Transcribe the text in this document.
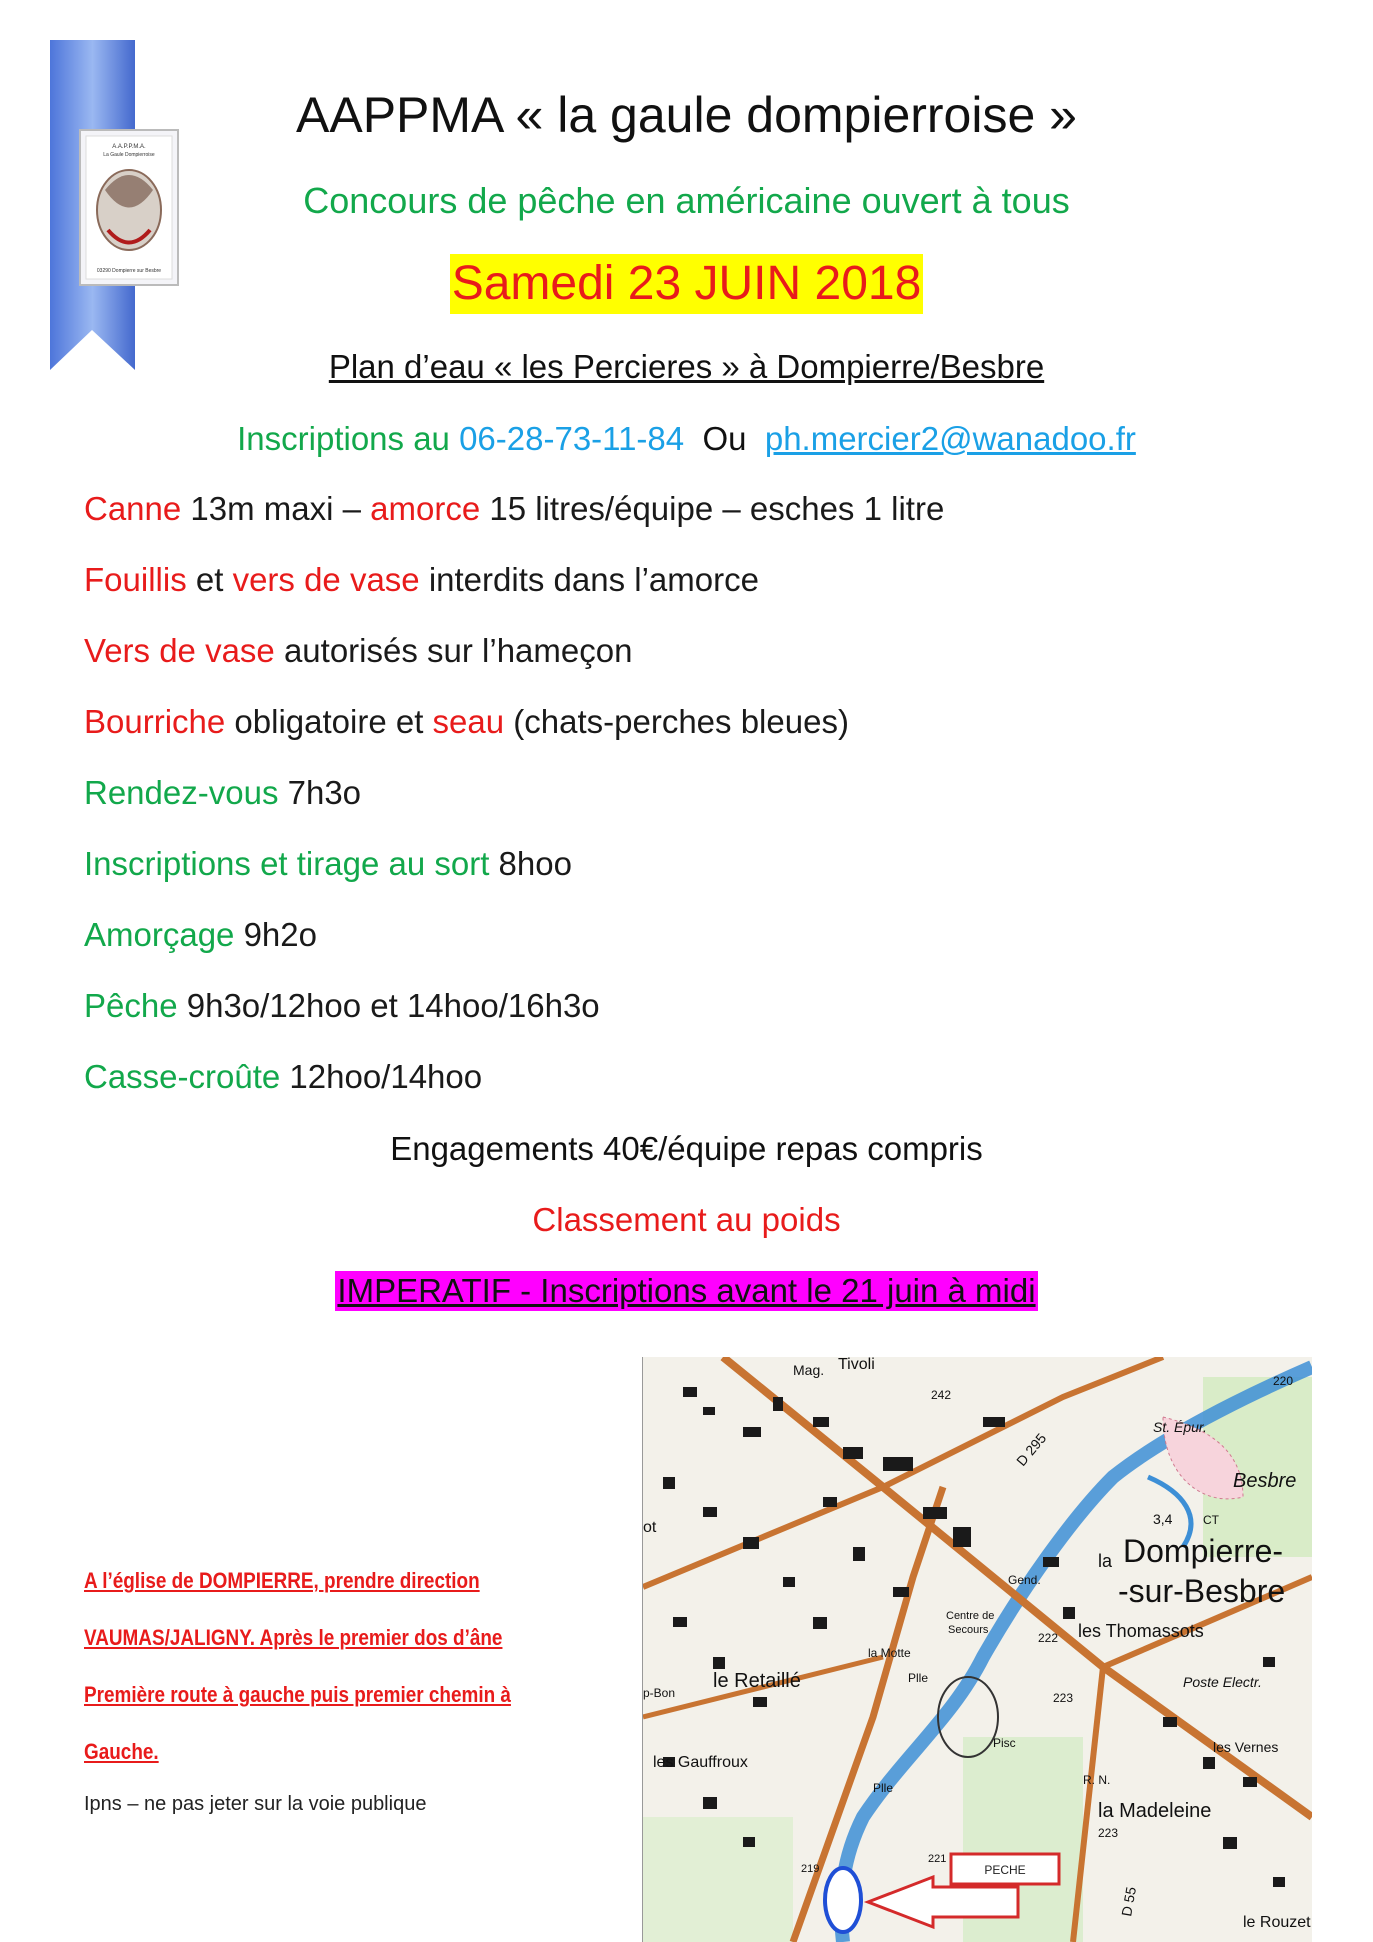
A.A.P.P.M.A.
La Gaule Dompierroise
03290 Dompierre sur Besbre
AAPPMA « la gaule dompierroise »
Concours de pêche en américaine ouvert à tous
Samedi 23 JUIN 2018
Plan d’eau « les Percieres » à Dompierre/Besbre
Inscriptions au 06-28-73-11-84 Ou ph.mercier2@wanadoo.fr
Canne 13m maxi – amorce 15 litres/équipe – esches 1 litre
Fouillis et vers de vase interdits dans l’amorce
Vers de vase autorisés sur l’hameçon
Bourriche obligatoire et seau (chats-perches bleues)
Rendez-vous 7h3o
Inscriptions et tirage au sort 8hoo
Amorçage 9h2o
Pêche 9h3o/12hoo et 14hoo/16h3o
Casse-croûte 12hoo/14hoo
Engagements 40€/équipe repas compris
Classement au poids
IMPERATIF - Inscriptions avant le 21 juin à midi
A l’église de DOMPIERRE, prendre direction
VAUMAS/JALIGNY. Après le premier dos d’âne
Première route à gauche puis premier chemin à
Gauche.
Ipns – ne pas jeter sur la voie publique
PECHE
Mag. Tivoli
242
220
D 295
St. Épur.
Besbre
3,4	CT
Dompierre-
-sur-Besbre
Gend.
la
les Thomassots
Centre de
Secours
la Motte
le Retaillé
p-Bon
222
Poste Electr.
223
Plle
Pisc	les Vernes
les Gauffroux
Plle
R. N.
la Madeleine
223
D 55
219
221
le Rouzet
ot
